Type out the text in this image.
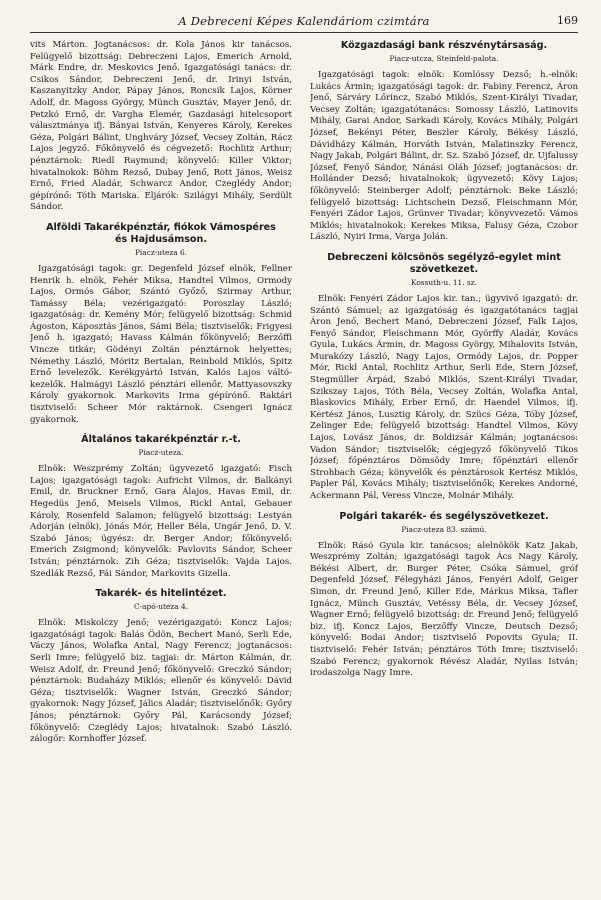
A Debreceni Képes Kalendáriom czimtára	169

vits Márton. Jogtanácsos: dr. Kola János kir tanácsos. Felügyelő bizottság: Debreczeni Lajos, Emerich Arnold, Márk Endre, dr. Meskovics Jenő. Igazgatósági tanács: dr. Csikos Sándor, Debreczeni Jenő, dr. Irinyi István, Kaszanyitzky Andor, Pápay János, Roncsik Lajos, Körner Adolf, dr. Magoss György, Münch Gusztáv, Mayer Jenő, dr. Petzkó Ernő, dr. Vargha Elemér, Gazdasági hitelcsoport választmánya ifj. Bányai István, Kenyeres Károly, Kerekes Géza, Polgári Bálint, Unghváry József, Vecsey Zoltán, Rácz Lajos jegyző. Főkönyvelő és cégvezető: Rochlitz Arthur; pénztárnok: Riedl Raymund; könyvelő: Killer Viktor; hivatalnokok: Böhm Rezső, Dubay Jenő, Rott János, Weisz Ernő, Fried Aladár, Schwarcz Andor, Czeglédy Andor; gépírónő: Tóth Mariska. Eljárók: Szilágyi Mihály, Serdült Sándor.

Alföldi Takarékpénztár, fiókok Vámospéres
és Hajdusámson.
Piacz-uteza 6.

Igazgatósági tagok: gr. Degenfeld József elnök, Fellner Henrik h. elnök, Fehér Miksa, Handtel Vilmos, Ormody Lajos, Ormós Gábor, Szántó Győző, Szirmay Arthur, Tamássy Béla; vezérigazgató: Poroszlay László; igazgatóság: dr. Kemény Mór; felügyelő bizottság: Schmid Ágoston, Káposztás János, Sámi Béla; tisztviselők: Frigyesi Jenő h. igazgató; Havass Kálmán főkönyvelő; Berzőffi Vincze titkár; Gödényi Zoltán pénztárnok helyettes; Némethy László, Móritz Bertalan, Reinbold Miklós, Spitz Ernő levelezők. Kerékgyártó István, Kalós Lajos váltó-kezelők. Halmágyi László pénztári ellenőr. Mattyasovszky Károly gyakornok. Markovits Irma gépírónő. Raktári tisztviselő: Scheer Mór raktárnok. Csengeri Ignácz gyakornok.

Általános takarékpénztár r.-t.
Piacz-uteza.

Elnök: Weszprémy Zoltán; ügyvezető igazgató: Fisch Lajos; igazgatósági tagok: Aufricht Vilmos, dr. Balkányi Emil, dr. Bruckner Ernő, Gara Álajos, Havas Emil, dr. Hegedüs Jenő, Meisels Vilmos, Rickl Antal, Gebauer Károly, Rosenfeld Salamon; felügyelő bizottság: Lestyán Adorján (elnök), Jónás Mór, Heller Béla, Ungár Jenő, D. V. Szabó János; ügyész: dr. Berger Andor; főkönyvelő: Emerich Zsigmond; könyvelők: Pavlovits Sándor, Scheer István; pénztárnok: Zih Géza; tisztviselők: Vajda Lajos. Szedlák Rezső, Fái Sándor, Markovits Gizella.

Takarék- és hitelintézet.
C-apó-uteza 4.

Elnök: Miskolczy Jenő; vezérigazgató: Koncz Lajos; igazgatósági tagok: Balás Ödön, Bechert Manó, Serli Ede, Váczy János, Wolafka Antal, Nagy Ferencz; jogtanácsos: Serli Imre; felügyelő biz. tagjai: dr. Márton Kálmán, dr. Weisz Adolf, dr. Freund Jenő; főkönyvelő: Greczkó Sándor; pénztárnok: Budaházy Miklós; ellenőr és könyvelő: Dávid Géza; tisztviselők: Wagner István, Greczkó Sándor; gyakornok: Nagy József, Jálics Aladár; tisztviselőnők: Győry János; pénztárnok: Győry Pál, Karácsondy József; főkönyvelő: Czeglédy Lajos; hivatalnok: Szabó László. zálogőr: Kornhoffer József.

Közgazdasági bank részvénytársaság.
Piacz-utcza, Steinfeld-palota.

Igazgatósági tagok: elnök: Komlóssy Dezső; h.-elnök: Lukács Ármin; igazgatósági tagok: dr. Fabiny Ferencz, Áron Jenő, Sárváry Lőrincz, Szabó Miklós, Szent-Királyi Tivadar, Vecsey Zoltán; igazgatótanács: Somossy László, Latinovits Mihály, Garai Andor, Sarkadi Károly, Kovács Mihály, Polgári József, Bekényi Péter, Beszler Károly, Békésy László, Dávidházy Kálmán, Horváth István, Malatinszky Ferencz, Nagy Jakab, Polgári Bálint, dr. Sz. Szabó József, dr. Ujfalussy József, Fenyő Sándor, Nánási Oláh József; jogtanácsos: dr. Hollánder Dezső; hivatalnokok; ügyvezető: Kövy Lajos; főkönyvelő: Steinberger Adolf; pénztárnok: Beke László; felügyelő bizottság: Lichtschein Dezső, Fleischmann Mór, Fenyéri Zádor Lajos, Grünver Tivadar; könyvvezető: Vámos Miklós; hivatalnokok: Kerekes Miksa, Falusy Géza, Czobor László, Nyiri Irma, Varga Jolán.

Debreczeni kölcsönös segélyző-egylet mint
szövetkezet.
Kossuth-u. 11. sz.

Elnök: Fenyéri Zádor Lajos kir. tan.; ügyvivő igazgató: dr. Szántó Sámuel; az igazgatóság és igazgatótanács tagjai Áron Jenő, Bechert Manó, Debreczeni József, Falk Lajos, Fenyő Sándor, Fleischmann Mór, Györffy Aladár, Kovács Gyula, Lukács Ármin, dr. Magoss György, Mihalovits István, Murakózy László, Nagy Lajos, Ormódy Lajos, dr. Popper Mór, Rickl Antal, Rochlitz Arthur, Serli Ede, Stern József, Stegmüller Árpád, Szabó Miklós, Szent-Királyi Tivadar, Szikszay Lajos, Tóth Béla, Vecsey Zoltán, Wolafka Antal, Blaskovics Mihály, Erber Ernő, dr. Haendel Vilmos, ifj. Kertész János, Lusztig Károly, dr. Szücs Géza, Tóby József, Zelinger Ede; felügyelő bizottság: Handtel Vilmos, Kövy Lajos, Lovász János, dr. Boldizsár Kálmán; jogtanácsos: Vadon Sándor; tisztviselők; cégjegyző főkönyvelő Tikos József; főpénztáros Dömsödy Imre; főpénztári ellenőr Strohbach Géza; könyvelők és pénztárosok Kertész Miklós, Papler Pál, Kovács Mihály; tisztviselőnők; Kerekes Andorné, Ackermann Pál, Veress Vincze, Molnár Mihály.

Polgári takarék- és segélyszövetkezet.
Piacz-uteza 83. számú.

Elnök: Rásó Gyula kir. tanácsos; alelnökök Katz Jakab, Weszprémy Zoltán; igazgatósági tagok Ács Nagy Károly, Békési Albert, dr. Burger Péter, Csóka Sámuel, gróf Degenfeld József, Félegyházi János, Fenyéri Adolf, Geiger Simon, dr. Freund Jenő, Killer Ede, Márkus Miksa, Tafler Ignácz, Münch Gusztáv, Vetéssy Béla, dr. Vecsey József, Wagner Ernő; felügyelő bizottság: dr. Freund Jenő; felügyelő biz. ifj. Koncz Lajos, Berzőffy Vincze, Deutsch Dezső; könyvelő: Bodai Andor; tisztviselő Popovits Gyula; II. tisztviselő: Fehér István; pénztáros Tóth Imre; tisztviselő: Szabó Ferencz; gyakornok Révész Aladár, Nyilas István; irodaszolga Nagy Imre.
